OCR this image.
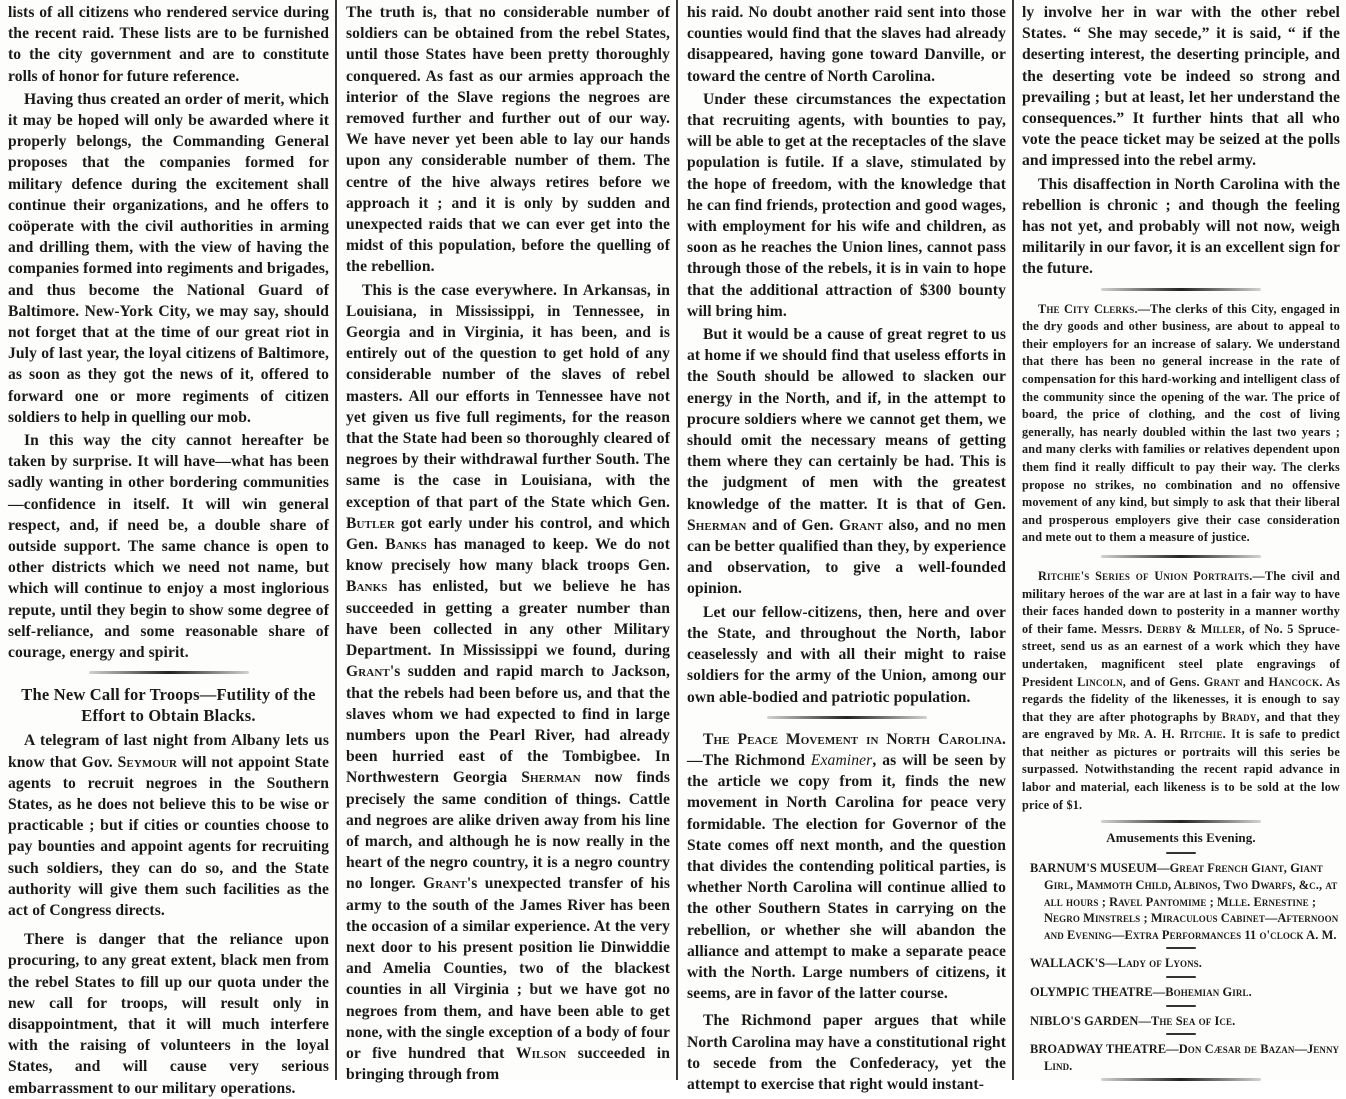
lists of all citizens who rendered service during the recent raid. These lists are to be furnished to the city government and are to constitute rolls of honor for future reference.

Having thus created an order of merit, which it may be hoped will only be awarded where it properly belongs, the Commanding General proposes that the companies formed for military defence during the excitement shall continue their organizations, and he offers to coöperate with the civil authorities in arming and drilling them, with the view of having the companies formed into regiments and brigades, and thus become the National Guard of Baltimore. New-York City, we may say, should not forget that at the time of our great riot in July of last year, the loyal citizens of Baltimore, as soon as they got the news of it, offered to forward one or more regiments of citizen soldiers to help in quelling our mob.

In this way the city cannot hereafter be taken by surprise. It will have—what has been sadly wanting in other bordering communities—confidence in itself. It will win general respect, and, if need be, a double share of outside support. The same chance is open to other districts which we need not name, but which will continue to enjoy a most inglorious repute, until they begin to show some degree of self-reliance, and some reasonable share of courage, energy and spirit.

The New Call for Troops—Futility of the
Effort to Obtain Blacks.

A telegram of last night from Albany lets us know that Gov. Seymour will not appoint State agents to recruit negroes in the Southern States, as he does not believe this to be wise or practicable ; but if cities or counties choose to pay bounties and appoint agents for recruiting such soldiers, they can do so, and the State authority will give them such facilities as the act of Congress directs.

There is danger that the reliance upon procuring, to any great extent, black men from the rebel States to fill up our quota under the new call for troops, will result only in disappointment, that it will much interfere with the raising of volunteers in the loyal States, and will cause very serious embarrassment to our military operations.

The truth is, that no considerable number of soldiers can be obtained from the rebel States, until those States have been pretty thoroughly conquered. As fast as our armies approach the interior of the Slave regions the negroes are removed further and further out of our way. We have never yet been able to lay our hands upon any considerable number of them. The centre of the hive always retires before we approach it ; and it is only by sudden and unexpected raids that we can ever get into the midst of this population, before the quelling of the rebellion.

This is the case everywhere. In Arkansas, in Louisiana, in Mississippi, in Tennessee, in Georgia and in Virginia, it has been, and is entirely out of the question to get hold of any considerable number of the slaves of rebel masters. All our efforts in Tennessee have not yet given us five full regiments, for the reason that the State had been so thoroughly cleared of negroes by their withdrawal further South. The same is the case in Louisiana, with the exception of that part of the State which Gen. Butler got early under his control, and which Gen. Banks has managed to keep. We do not know precisely how many black troops Gen. Banks has enlisted, but we believe he has succeeded in getting a greater number than have been collected in any other Military Department. In Mississippi we found, during Grant's sudden and rapid march to Jackson, that the rebels had been before us, and that the slaves whom we had expected to find in large numbers upon the Pearl River, had already been hurried east of the Tombigbee. In Northwestern Georgia Sherman now finds precisely the same condition of things. Cattle and negroes are alike driven away from his line of march, and although he is now really in the heart of the negro country, it is a negro country no longer. Grant's unexpected transfer of his army to the south of the James River has been the occasion of a similar experience. At the very next door to his present position lie Dinwiddie and Amelia Counties, two of the blackest counties in all Virginia ; but we have got no negroes from them, and have been able to get none, with the single exception of a body of four or five hundred that Wilson succeeded in bringing through from

his raid. No doubt another raid sent into those counties would find that the slaves had already disappeared, having gone toward Danville, or toward the centre of North Carolina.

Under these circumstances the expectation that recruiting agents, with bounties to pay, will be able to get at the receptacles of the slave population is futile. If a slave, stimulated by the hope of freedom, with the knowledge that he can find friends, protection and good wages, with employment for his wife and children, as soon as he reaches the Union lines, cannot pass through those of the rebels, it is in vain to hope that the additional attraction of $300 bounty will bring him.

But it would be a cause of great regret to us at home if we should find that useless efforts in the South should be allowed to slacken our energy in the North, and if, in the attempt to procure soldiers where we cannot get them, we should omit the necessary means of getting them where they can certainly be had. This is the judgment of men with the greatest knowledge of the matter. It is that of Gen. Sherman and of Gen. Grant also, and no men can be better qualified than they, by experience and observation, to give a well-founded opinion.

Let our fellow-citizens, then, here and over the State, and throughout the North, labor ceaselessly and with all their might to raise soldiers for the army of the Union, among our own able-bodied and patriotic population.

The Peace Movement in North Carolina. —The Richmond Examiner, as will be seen by the article we copy from it, finds the new movement in North Carolina for peace very formidable. The election for Governor of the State comes off next month, and the question that divides the contending political parties, is whether North Carolina will continue allied to the other Southern States in carrying on the rebellion, or whether she will abandon the alliance and attempt to make a separate peace with the North. Large numbers of citizens, it seems, are in favor of the latter course.

The Richmond paper argues that while North Carolina may have a constitutional right to secede from the Confederacy, yet the attempt to exercise that right would instant-

ly involve her in war with the other rebel States. “ She may secede,” it is said, “ if the deserting interest, the deserting principle, and the deserting vote be indeed so strong and prevailing ; but at least, let her understand the consequences.” It further hints that all who vote the peace ticket may be seized at the polls and impressed into the rebel army.

This disaffection in North Carolina with the rebellion is chronic ; and though the feeling has not yet, and probably will not now, weigh militarily in our favor, it is an excellent sign for the future.

The City Clerks.—The clerks of this City, engaged in the dry goods and other business, are about to appeal to their employers for an increase of salary. We understand that there has been no general increase in the rate of compensation for this hard-working and intelligent class of the community since the opening of the war. The price of board, the price of clothing, and the cost of living generally, has nearly doubled within the last two years ; and many clerks with families or relatives dependent upon them find it really difficult to pay their way. The clerks propose no strikes, no combination and no offensive movement of any kind, but simply to ask that their liberal and prosperous employers give their case consideration and mete out to them a measure of justice.

Ritchie's Series of Union Portraits.—The civil and military heroes of the war are at last in a fair way to have their faces handed down to posterity in a manner worthy of their fame. Messrs. Derby & Miller, of No. 5 Spruce-street, send us as an earnest of a work which they have undertaken, magnificent steel plate engravings of President Lincoln, and of Gens. Grant and Hancock. As regards the fidelity of the likenesses, it is enough to say that they are after photographs by Brady, and that they are engraved by Mr. A. H. Ritchie. It is safe to predict that neither as pictures or portraits will this series be surpassed. Notwithstanding the recent rapid advance in labor and material, each likeness is to be sold at the low price of $1.

Amusements this Evening.
BARNUM'S MUSEUM—Great French Giant, Giant Girl, Mammoth Child, Albinos, Two Dwarfs, &c., at all hours ; Ravel Pantomime ; Mlle. Ernestine ; Negro Minstrels ; Miraculous Cabinet—Afternoon and Evening—Extra Performances 11 o'clock A. M.
WALLACK'S—Lady of Lyons.
OLYMPIC THEATRE—Bohemian Girl.
NIBLO'S GARDEN—The Sea of Ice.
BROADWAY THEATRE—Don Cæsar de Bazan—Jenny Lind.
